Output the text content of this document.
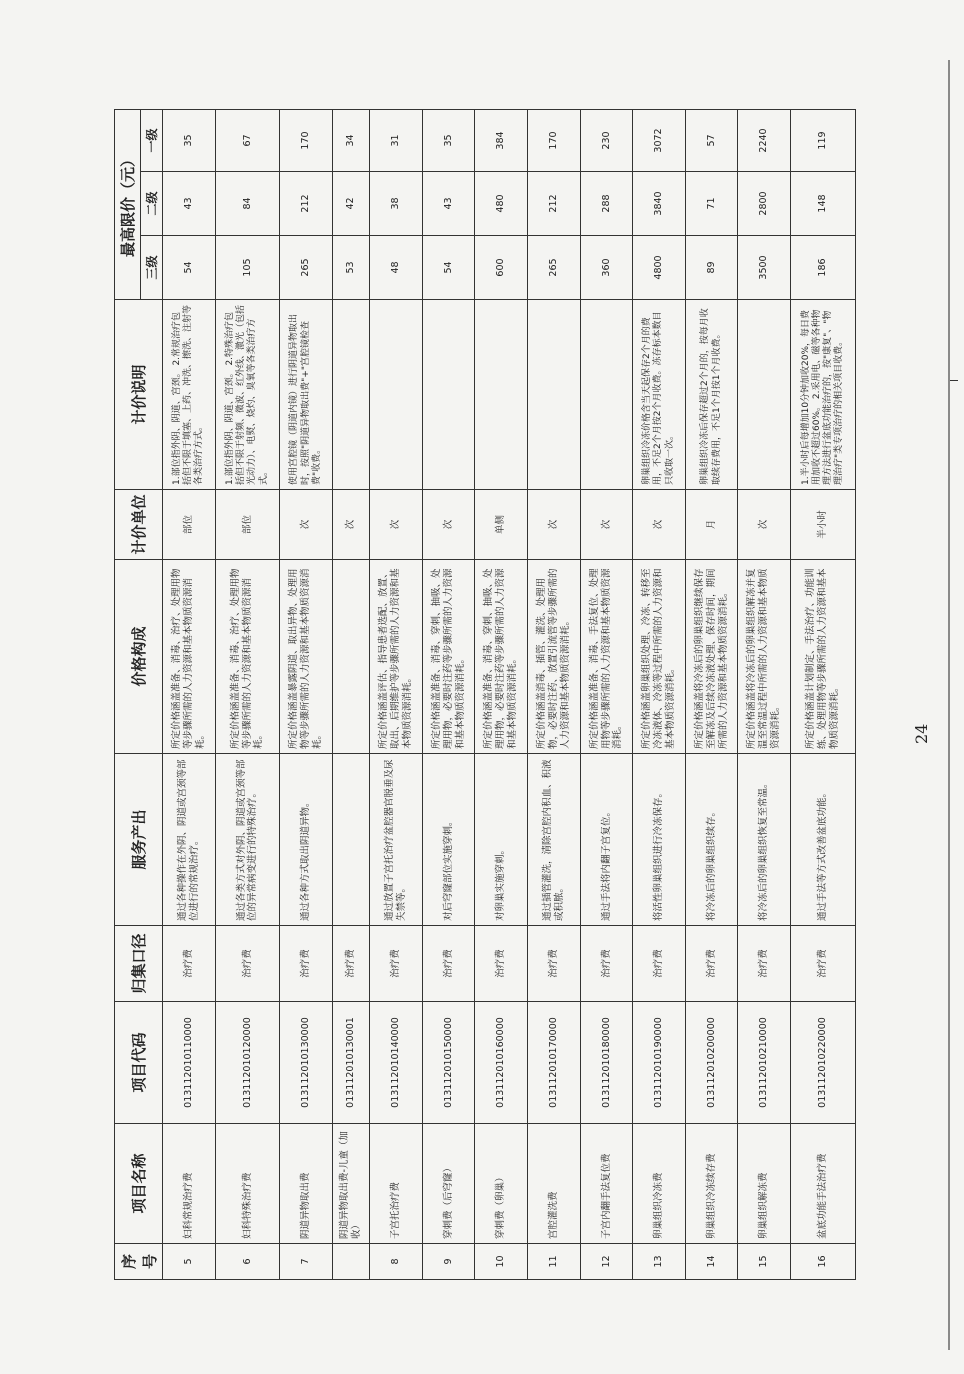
序号	项目名称	项目代码	归集口径	服务产出	价格构成	计价单位	计价说明	最高限价（元）		
								三级	二级	一级
5	妇科常规治疗费	013112010110000	治疗费	通过各种操作在外阴、阴道或宫颈等部位进行的常规治疗。	所定价格涵盖准备、消毒、治疗、处理用物等步骤所需的人力资源和基本物质资源消耗。	部位	1.部位指外阴、阴道、宫颈。 2.常规治疗包括但不限于填塞、上药、冲洗、擦洗、注射等各类治疗方式。	54	43	35
6	妇科特殊治疗费	013112010120000	治疗费	通过各类方式对外阴、阴道或宫颈等部位的异常病变进行的特殊治疗。	所定价格涵盖准备、消毒、治疗、处理用物等步骤所需的人力资源和基本物质资源消耗。	部位	1.部位指外阴、阴道、宫颈。 2.特殊治疗包括但不限于射频、微波、红外线、激光（包括光动力）、电熨、烧灼、臭氧等各类治疗方式。	105	84	67
7	阴道异物取出费	013112010130000	治疗费	通过各种方式取出阴道异物。	所定价格涵盖暴露阴道、取出异物、处理用物等步骤所需的人力资源和基本物质资源消耗。	次	使用宫腔镜（阴道内镜）进行阴道异物取出时，按照"阴道异物取出费"+"宫腔镜检查费"收费。	265	212	170
	阴道异物取出费-儿童（加收）	013112010130001	治疗费			次		53	42	34
8	子宫托治疗费	013112010140000	治疗费	通过放置子宫托治疗盆腔器官脱垂及尿失禁等。	所定价格涵盖评估、指导患者选配、放置、取出、后期维护等步骤所需的人力资源和基本物质资源消耗。	次		48	38	31
9	穿刺费（后穹窿）	013112010150000	治疗费	对后穹窿部位实施穿刺。	所定价格涵盖准备、消毒、穿刺、抽吸、处理用物，必要时注药等步骤所需的人力资源和基本物质资源消耗。	次		54	43	35
10	穿刺费（卵巢）	013112010160000	治疗费	对卵巢实施穿刺。	所定价格涵盖准备、消毒、穿刺、抽吸、处理用物，必要时注药等步骤所需的人力资源和基本物质资源消耗。	单侧		600	480	384
11	宫腔灌洗费	013112010170000	治疗费	通过插管灌洗，清除宫腔内积血、积液或积脓。	所定价格涵盖消毒、插管、灌洗、处理用物，必要时注药、放置引流管等步骤所需的人力资源和基本物质资源消耗。	次		265	212	170
12	子宫内翻手法复位费	013112010180000	治疗费	通过手法将内翻子宫复位。	所定价格涵盖准备、消毒、手法复位、处理用物等步骤所需的人力资源和基本物质资源消耗。	次		360	288	230
13	卵巢组织冷冻费	013112010190000	治疗费	将活性卵巢组织进行冷冻保存。	所定价格涵盖卵巢组织处理、冷冻、转移至冷冻液体、冷冻等过程中所需的人力资源和基本物质资源消耗。	次	卵巢组织冷冻价格含当天起保存2个月的费用，不足2个月按2个月收费。冻存标本数目只收取一次。	4800	3840	3072
14	卵巢组织冷冻续存费	013112010200000	治疗费	将冷冻后的卵巢组织续存。	所定价格涵盖将冷冻后的卵巢组织继续保存至解冻及后续冷冻液处理、保存时间，期间所需的人力资源和基本物质资源消耗。	月	卵巢组织冷冻后保存超过2个月的，按每月收取续存费用，不足1个月按1个月收费。	89	71	57
15	卵巢组织解冻费	013112010210000	治疗费	将冷冻后的卵巢组织恢复至常温。	所定价格涵盖将冷冻后的卵巢组织解冻并复温至常温过程中所需的人力资源和基本物质资源消耗。	次		3500	2800	2240
16	盆底功能手法治疗费	013112010220000	治疗费	通过手法等方式改善盆底功能。	所定价格涵盖计划制定、手法治疗、功能训练、处理用物等步骤所需的人力资源和基本物质资源消耗。	半小时	1.半小时后每增加10分钟加收20%，每日费用加收不超过60%。 2.采用电、磁等各种物理方法进行盆底功能治疗的，按"康复"、"物理治疗"类专项治疗的相关项目收费。	186	148	119
24
